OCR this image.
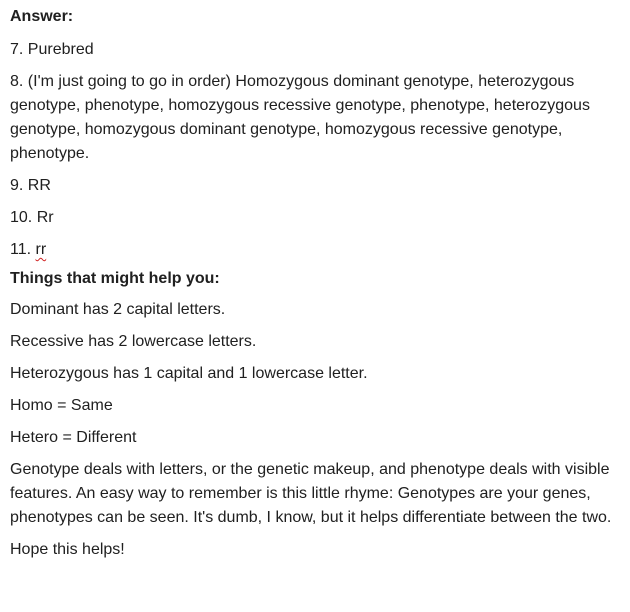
Answer:

7. Purebred

8. (I'm just going to go in order) Homozygous dominant genotype, heterozygous genotype, phenotype, homozygous recessive genotype, phenotype, heterozygous genotype, homozygous dominant genotype, homozygous recessive genotype, phenotype.

9. RR

10. Rr

11. rr

Things that might help you:

Dominant has 2 capital letters.

Recessive has 2 lowercase letters.

Heterozygous has 1 capital and 1 lowercase letter.

Homo = Same

Hetero = Different

Genotype deals with letters, or the genetic makeup, and phenotype deals with visible features. An easy way to remember is this little rhyme: Genotypes are your genes, phenotypes can be seen. It's dumb, I know, but it helps differentiate between the two.

Hope this helps!
